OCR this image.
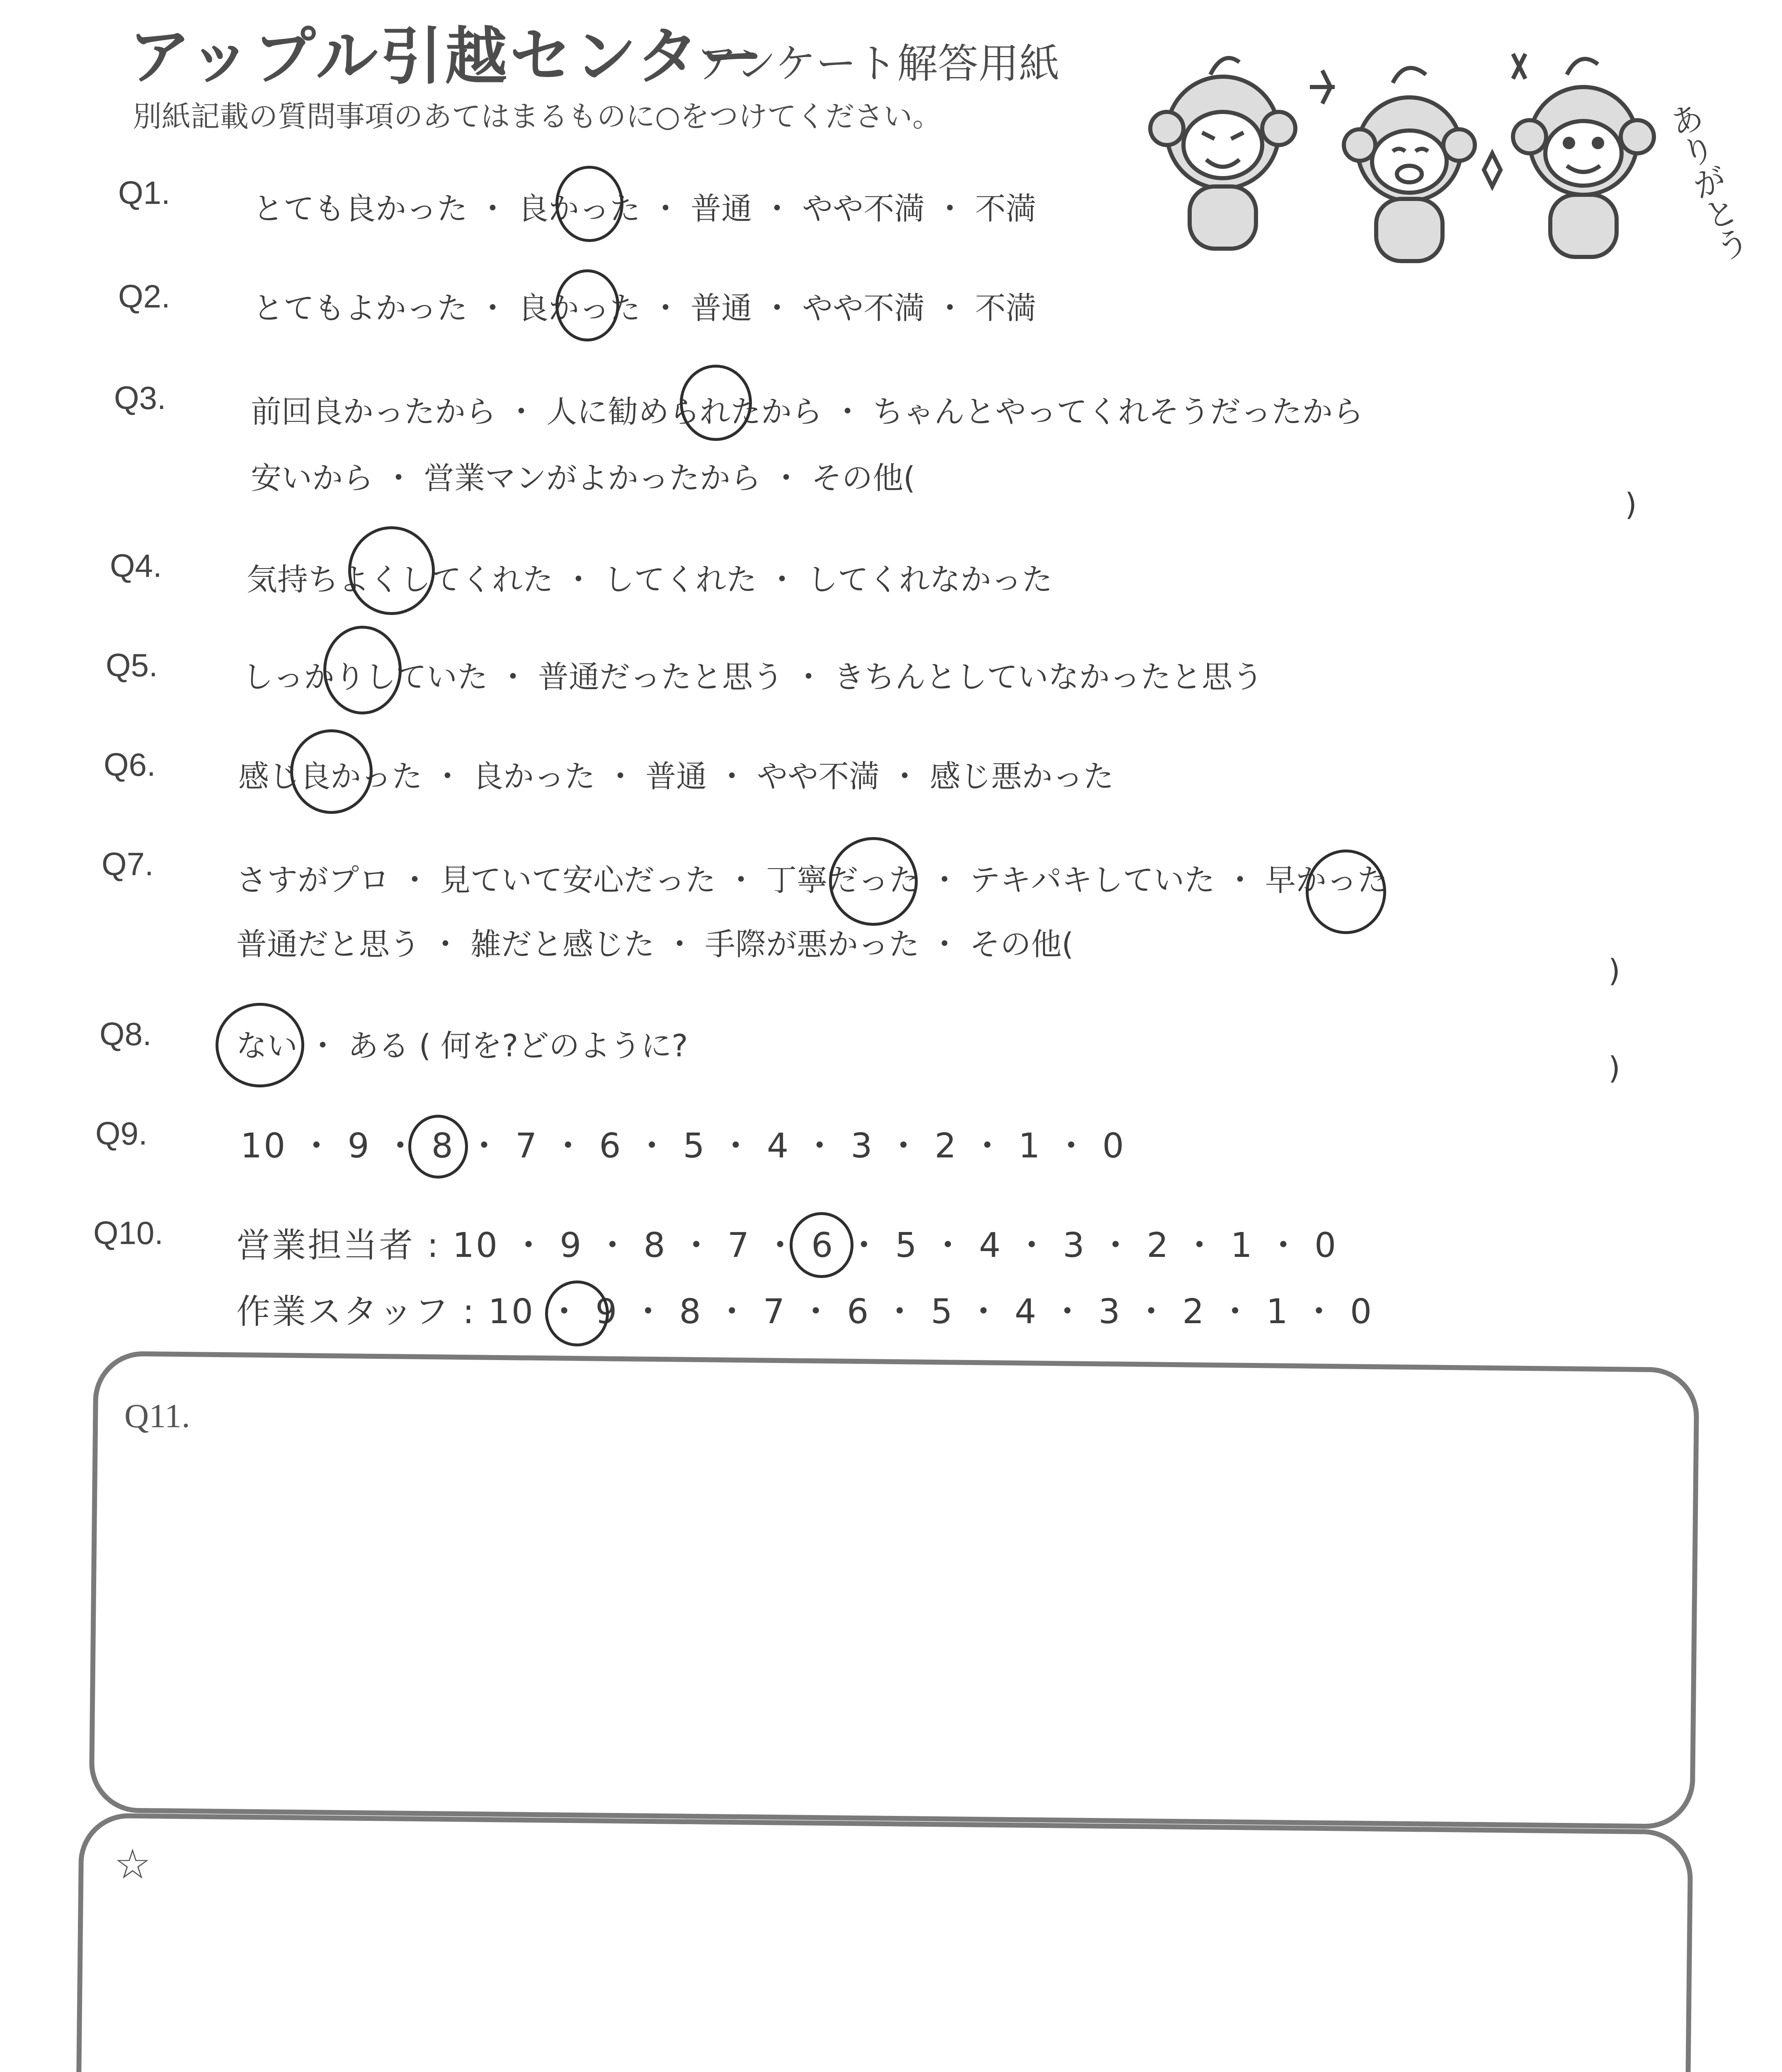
アップル引越センター
アンケート解答用紙
別紙記載の質問事項のあてはまるものに○をつけてください。	ありがとう
Q1.	とても良かった ・ 良かった ・ 普通 ・ やや不満 ・ 不満
Q2.	とてもよかった ・ 良かった ・ 普通 ・ やや不満 ・ 不満
Q3.	前回良かったから ・ 人に勧められたから ・ ちゃんとやってくれそうだったから
安いから ・ 営業マンがよかったから ・ その他(
)
Q4.	気持ちよくしてくれた ・ してくれた ・ してくれなかった
Q5.	しっかりしていた ・ 普通だったと思う ・ きちんとしていなかったと思う
Q6.	感じ良かった ・ 良かった ・ 普通 ・ やや不満 ・ 感じ悪かった
Q7.	さすがプロ ・ 見ていて安心だった ・ 丁寧だった ・ テキパキしていた ・ 早かった
普通だと思う ・ 雑だと感じた ・ 手際が悪かった ・ その他(
)
Q8.	ない ・ ある ( 何を?どのように?
)
Q9.	10 ・ 9 ・ 8 ・ 7 ・ 6 ・ 5 ・ 4 ・ 3 ・ 2 ・ 1 ・ 0
Q10. 営業担当者 : 10 ・ 9 ・ 8 ・ 7 ・ 6 ・ 5 ・ 4 ・ 3 ・ 2 ・ 1 ・ 0
作業スタッフ : 10 ・ 9 ・ 8 ・ 7 ・ 6 ・ 5 ・ 4 ・ 3 ・ 2 ・ 1 ・ 0
Q11.
☆
